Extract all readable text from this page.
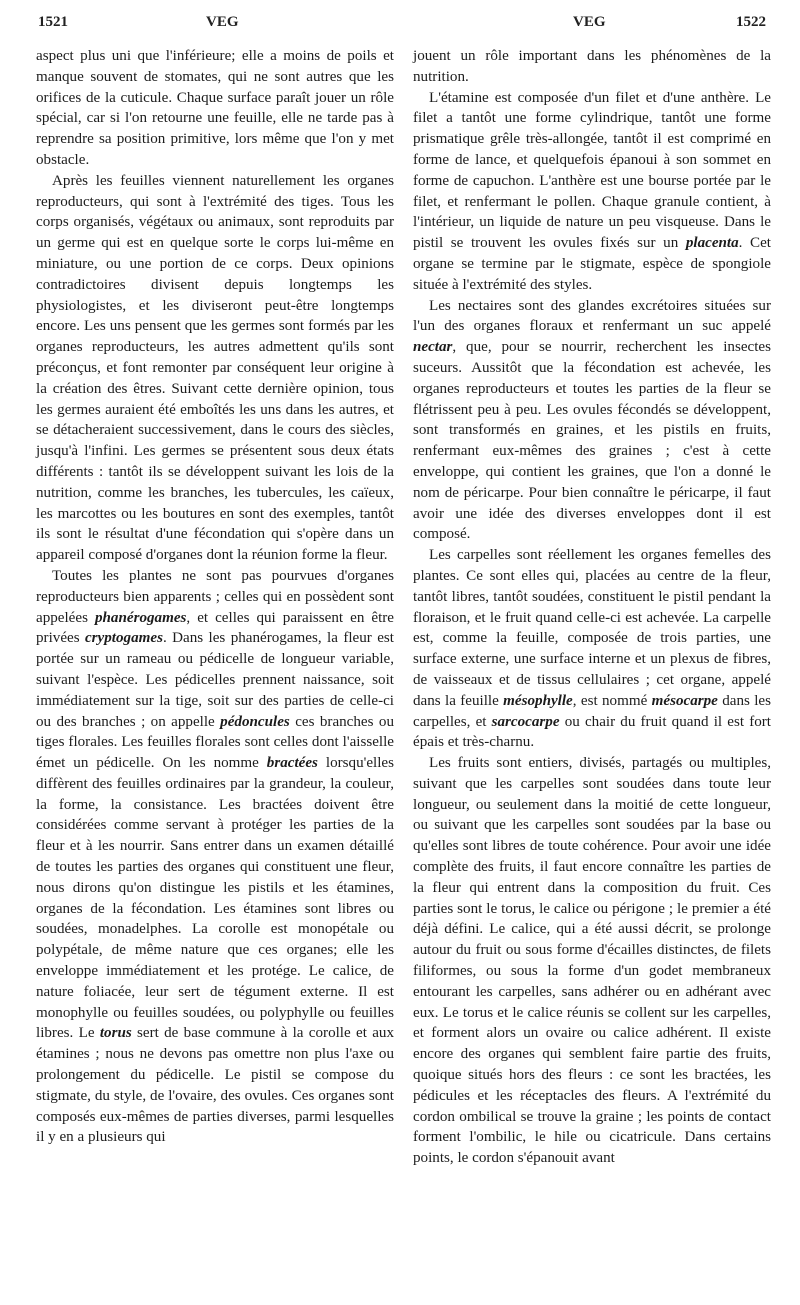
1521	VEG	VEG	1522

aspect plus uni que l'inférieure; elle a moins de poils et manque souvent de stomates, qui ne sont autres que les orifices de la cuticule. Chaque surface paraît jouer un rôle spécial, car si l'on retourne une feuille, elle ne tarde pas à reprendre sa position primitive, lors même que l'on y met obstacle.

Après les feuilles viennent naturellement les organes reproducteurs, qui sont à l'extrémité des tiges. Tous les corps organisés, végétaux ou animaux, sont reproduits par un germe qui est en quelque sorte le corps lui-même en miniature, ou une portion de ce corps. Deux opinions contradictoires divisent depuis longtemps les physiologistes, et les diviseront peut-être longtemps encore. Les uns pensent que les germes sont formés par les organes reproducteurs, les autres admettent qu'ils sont préconçus, et font remonter par conséquent leur origine à la création des êtres. Suivant cette dernière opinion, tous les germes auraient été emboîtés les uns dans les autres, et se détacheraient successivement, dans le cours des siècles, jusqu'à l'infini. Les germes se présentent sous deux états différents : tantôt ils se développent suivant les lois de la nutrition, comme les branches, les tubercules, les caïeux, les marcottes ou les boutures en sont des exemples, tantôt ils sont le résultat d'une fécondation qui s'opère dans un appareil composé d'organes dont la réunion forme la fleur.

Toutes les plantes ne sont pas pourvues d'organes reproducteurs bien apparents ; celles qui en possèdent sont appelées phanérogames, et celles qui paraissent en être privées cryptogames. Dans les phanérogames, la fleur est portée sur un rameau ou pédicelle de longueur variable, suivant l'espèce. Les pédicelles prennent naissance, soit immédiatement sur la tige, soit sur des parties de celle-ci ou des branches ; on appelle pédoncules ces branches ou tiges florales. Les feuilles florales sont celles dont l'aisselle émet un pédicelle. On les nomme bractées lorsqu'elles diffèrent des feuilles ordinaires par la grandeur, la couleur, la forme, la consistance. Les bractées doivent être considérées comme servant à protéger les parties de la fleur et à les nourrir. Sans entrer dans un examen détaillé de toutes les parties des organes qui constituent une fleur, nous dirons qu'on distingue les pistils et les étamines, organes de la fécondation. Les étamines sont libres ou soudées, monadelphes. La corolle est monopétale ou polypétale, de même nature que ces organes; elle les enveloppe immédiatement et les protége. Le calice, de nature foliacée, leur sert de tégument externe. Il est monophylle ou feuilles soudées, ou polyphylle ou feuilles libres. Le torus sert de base commune à la corolle et aux étamines ; nous ne devons pas omettre non plus l'axe ou prolongement du pédicelle. Le pistil se compose du stigmate, du style, de l'ovaire, des ovules. Ces organes sont composés eux-mêmes de parties diverses, parmi lesquelles il y en a plusieurs qui

jouent un rôle important dans les phénomènes de la nutrition.

L'étamine est composée d'un filet et d'une anthère. Le filet a tantôt une forme cylindrique, tantôt une forme prismatique grêle très-allongée, tantôt il est comprimé en forme de lance, et quelquefois épanoui à son sommet en forme de capuchon. L'anthère est une bourse portée par le filet, et renfermant le pollen. Chaque granule contient, à l'intérieur, un liquide de nature un peu visqueuse. Dans le pistil se trouvent les ovules fixés sur un placenta. Cet organe se termine par le stigmate, espèce de spongiole située à l'extrémité des styles.

Les nectaires sont des glandes excrétoires situées sur l'un des organes floraux et renfermant un suc appelé nectar, que, pour se nourrir, recherchent les insectes suceurs. Aussitôt que la fécondation est achevée, les organes reproducteurs et toutes les parties de la fleur se flétrissent peu à peu. Les ovules fécondés se développent, sont transformés en graines, et les pistils en fruits, renfermant eux-mêmes des graines ; c'est à cette enveloppe, qui contient les graines, que l'on a donné le nom de péricarpe. Pour bien connaître le péricarpe, il faut avoir une idée des diverses enveloppes dont il est composé.

Les carpelles sont réellement les organes femelles des plantes. Ce sont elles qui, placées au centre de la fleur, tantôt libres, tantôt soudées, constituent le pistil pendant la floraison, et le fruit quand celle-ci est achevée. La carpelle est, comme la feuille, composée de trois parties, une surface externe, une surface interne et un plexus de fibres, de vaisseaux et de tissus cellulaires ; cet organe, appelé dans la feuille mésophylle, est nommé mésocarpe dans les carpelles, et sarcocarpe ou chair du fruit quand il est fort épais et très-charnu.

Les fruits sont entiers, divisés, partagés ou multiples, suivant que les carpelles sont soudées dans toute leur longueur, ou seulement dans la moitié de cette longueur, ou suivant que les carpelles sont soudées par la base ou qu'elles sont libres de toute cohérence. Pour avoir une idée complète des fruits, il faut encore connaître les parties de la fleur qui entrent dans la composition du fruit. Ces parties sont le torus, le calice ou périgone ; le premier a été déjà défini. Le calice, qui a été aussi décrit, se prolonge autour du fruit ou sous forme d'écailles distinctes, de filets filiformes, ou sous la forme d'un godet membraneux entourant les carpelles, sans adhérer ou en adhérant avec eux. Le torus et le calice réunis se collent sur les carpelles, et forment alors un ovaire ou calice adhérent. Il existe encore des organes qui semblent faire partie des fruits, quoique situés hors des fleurs : ce sont les bractées, les pédicules et les réceptacles des fleurs. A l'extrémité du cordon ombilical se trouve la graine ; les points de contact forment l'ombilic, le hile ou cicatricule. Dans certains points, le cordon s'épanouit avant
